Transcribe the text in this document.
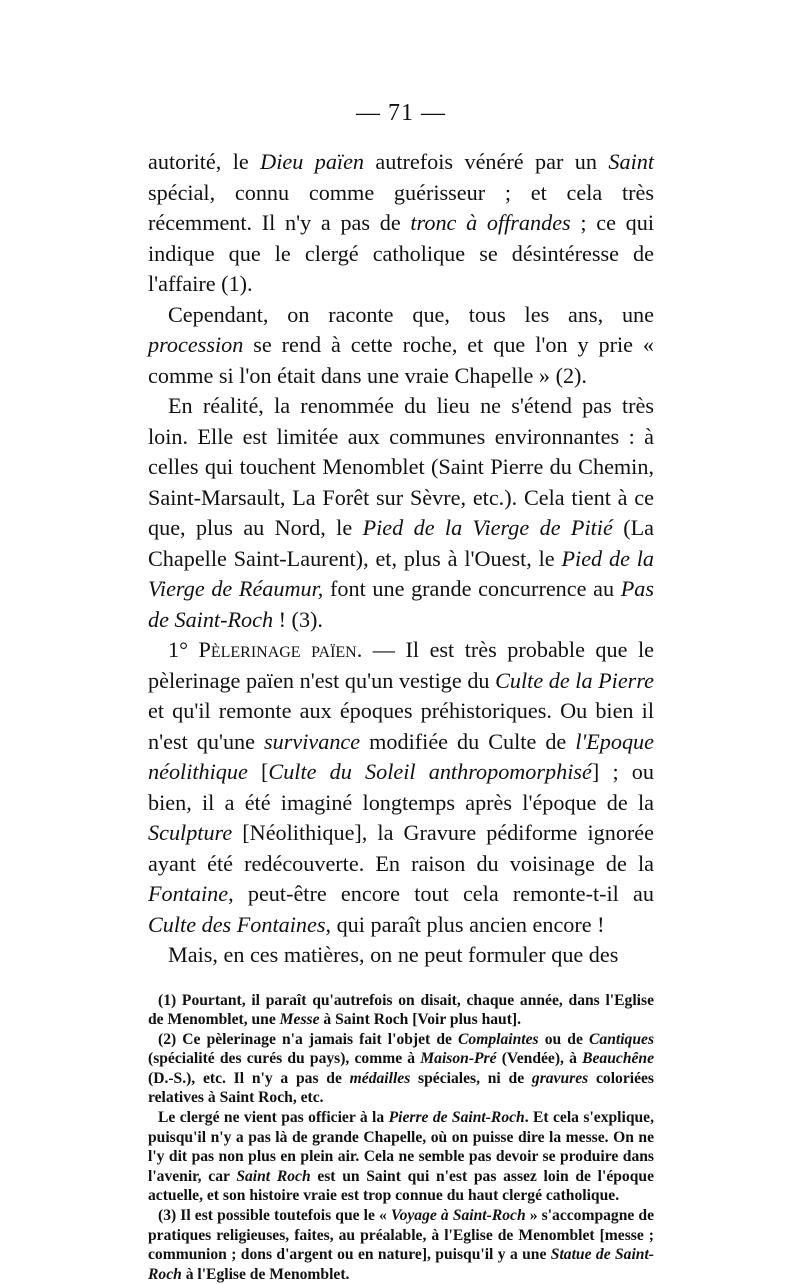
— 71 —

autorité, le Dieu païen autrefois vénéré par un Saint spécial, connu comme guérisseur ; et cela très récemment. Il n'y a pas de tronc à offrandes ; ce qui indique que le clergé catholique se désintéresse de l'affaire (1).

Cependant, on raconte que, tous les ans, une procession se rend à cette roche, et que l'on y prie « comme si l'on était dans une vraie Chapelle » (2).

En réalité, la renommée du lieu ne s'étend pas très loin. Elle est limitée aux communes environnantes : à celles qui touchent Menomblet (Saint Pierre du Chemin, Saint-Marsault, La Forêt sur Sèvre, etc.). Cela tient à ce que, plus au Nord, le Pied de la Vierge de Pitié (La Chapelle Saint-Laurent), et, plus à l'Ouest, le Pied de la Vierge de Réaumur, font une grande concurrence au Pas de Saint-Roch ! (3).

1° Pèlerinage païen. — Il est très probable que le pèlerinage païen n'est qu'un vestige du Culte de la Pierre et qu'il remonte aux époques préhistoriques. Ou bien il n'est qu'une survivance modifiée du Culte de l'Epoque néolithique [Culte du Soleil anthropomorphisé] ; ou bien, il a été imaginé longtemps après l'époque de la Sculpture [Néolithique], la Gravure pédiforme ignorée ayant été redécouverte. En raison du voisinage de la Fontaine, peut-être encore tout cela remonte-t-il au Culte des Fontaines, qui paraît plus ancien encore !

Mais, en ces matières, on ne peut formuler que des

(1) Pourtant, il paraît qu'autrefois on disait, chaque année, dans l'Eglise de Menomblet, une Messe à Saint Roch [Voir plus haut].

(2) Ce pèlerinage n'a jamais fait l'objet de Complaintes ou de Cantiques (spécialité des curés du pays), comme à Maison-Pré (Vendée), à Beauchêne (D.-S.), etc. Il n'y a pas de médailles spéciales, ni de gravures coloriées relatives à Saint Roch, etc.

Le clergé ne vient pas officier à la Pierre de Saint-Roch. Et cela s'explique, puisqu'il n'y a pas là de grande Chapelle, où on puisse dire la messe. On ne l'y dit pas non plus en plein air. Cela ne semble pas devoir se produire dans l'avenir, car Saint Roch est un Saint qui n'est pas assez loin de l'époque actuelle, et son histoire vraie est trop connue du haut clergé catholique.

(3) Il est possible toutefois que le « Voyage à Saint-Roch » s'accompagne de pratiques religieuses, faites, au préalable, à l'Eglise de Menomblet [messe ; communion ; dons d'argent ou en nature], puisqu'il y a une Statue de Saint-Roch à l'Eglise de Menomblet.
